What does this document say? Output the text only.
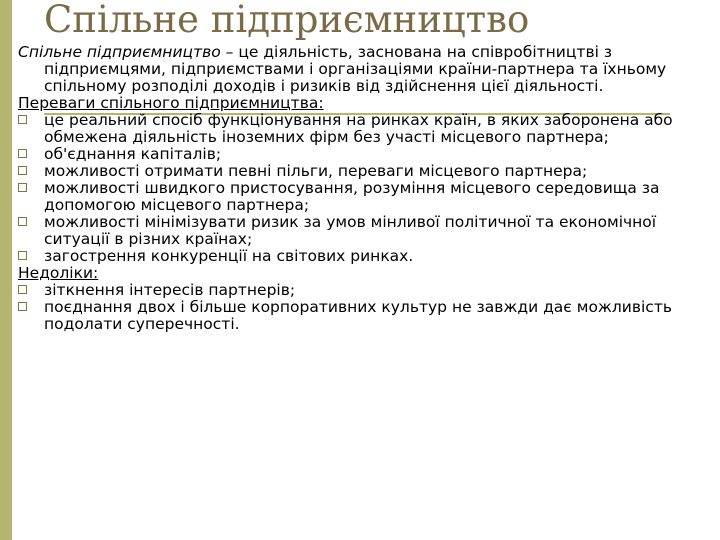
Спільне підприємництво

Спільне підприємництво – це діяльність, заснована на співробітництві з підприємцями, підприємствами і організаціями країни-партнера та їхньому спільному розподілі доходів і ризиків від здійснення цієї діяльності.

Переваги спільного підприємництва:

це реальний спосіб функціонування на ринках країн, в яких заборонена або обмежена діяльність іноземних фірм без участі місцевого партнера;
об'єднання капіталів;
можливості отримати певні пільги, переваги місцевого партнера;
можливості швидкого пристосування, розуміння місцевого середовища за допомогою місцевого партнера;
можливості мінімізувати ризик за умов мінливої політичної та економічної ситуації в різних країнах;
загострення конкуренції на світових ринках.

Недоліки:

зіткнення інтересів партнерів;
поєднання двох і більше корпоративних культур не завжди дає можливість подолати суперечності.
